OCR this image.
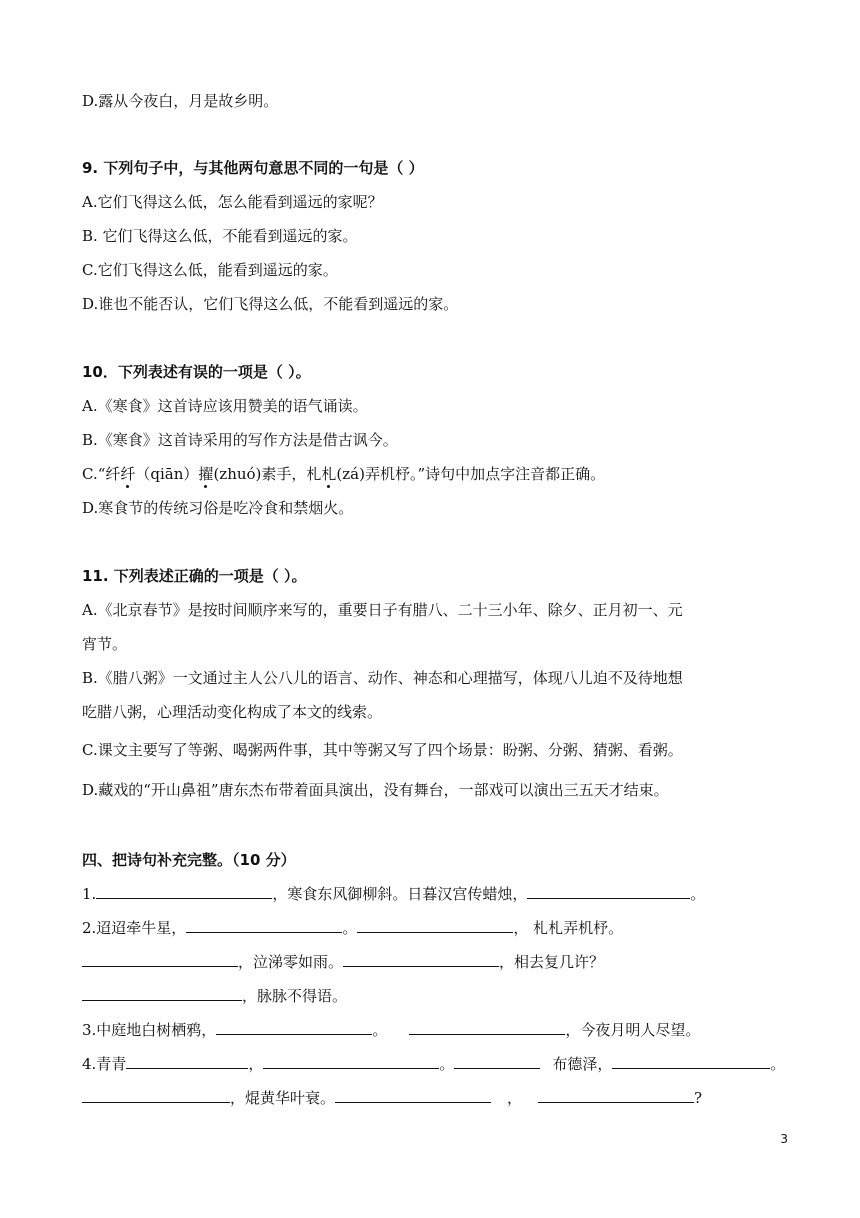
D.露从今夜白，月是故乡明。
9. 下列句子中，与其他两句意思不同的一句是（ ）
A.它们飞得这么低，怎么能看到遥远的家呢？
B. 它们飞得这么低，不能看到遥远的家。
C.它们飞得这么低，能看到遥远的家。
D.谁也不能否认，它们飞得这么低，不能看到遥远的家。
10．下列表述有误的一项是（ ）。
A.《寒食》这首诗应该用赞美的语气诵读。
B.《寒食》这首诗采用的写作方法是借古讽今。
C.“纤纤（qiān）擢(zhuó)素手，札札(zá)弄机杼。”诗句中加点字注音都正确。
D.寒食节的传统习俗是吃冷食和禁烟火。
11. 下列表述正确的一项是（ ）。
A.《北京春节》是按时间顺序来写的，重要日子有腊八、二十三小年、除夕、正月初一、元
宵节。
B.《腊八粥》一文通过主人公八儿的语言、动作、神态和心理描写，体现八儿迫不及待地想
吃腊八粥，心理活动变化构成了本文的线索。
C.课文主要写了等粥、喝粥两件事，其中等粥又写了四个场景：盼粥、分粥、猜粥、看粥。
D.藏戏的“开山鼻祖”唐东杰布带着面具演出，没有舞台，一部戏可以演出三五天才结束。
四、把诗句补充完整。（10 分）
1.	，寒食东风御柳斜。日暮汉宫传蜡烛，	。
2.迢迢牵牛星，	。	， 札札弄机杼。
，泣涕零如雨。	，相去复几许？
，脉脉不得语。
3.中庭地白树栖鸦，	。	，今夜月明人尽望。
4.青青	，	。	布德泽，	。
，焜黄华叶衰。	，	?
3
